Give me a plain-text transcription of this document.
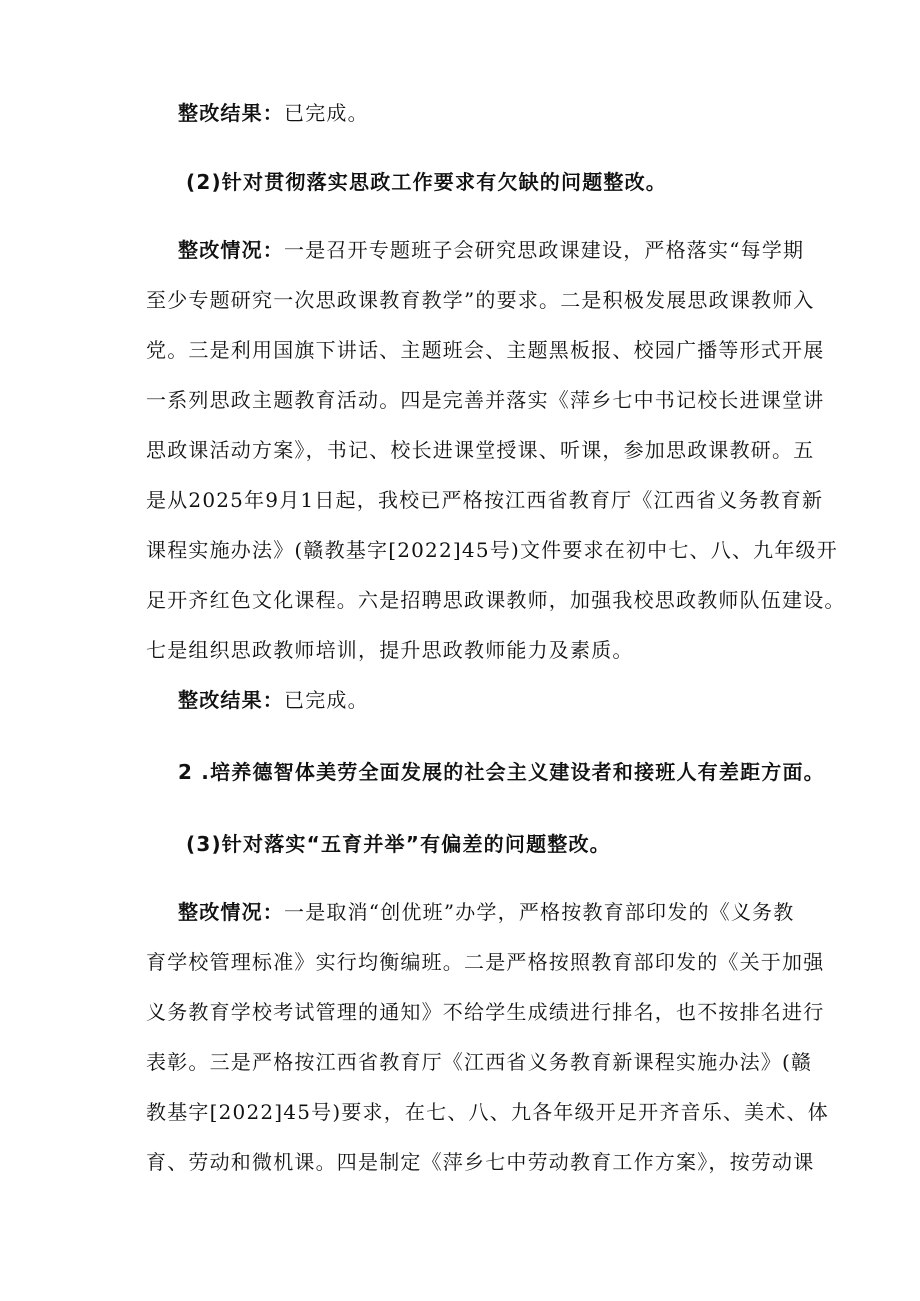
整改结果：已完成。
(2)针对贯彻落实思政工作要求有欠缺的问题整改。
整改情况：一是召开专题班子会研究思政课建设，严格落实“每学期
至少专题研究一次思政课教育教学”的要求。二是积极发展思政课教师入
党。三是利用国旗下讲话、主题班会、主题黑板报、校园广播等形式开展
一系列思政主题教育活动。四是完善并落实《萍乡七中书记校长进课堂讲
思政课活动方案》，书记、校长进课堂授课、听课，参加思政课教研。五
是从2025年9月1日起，我校已严格按江西省教育厅《江西省义务教育新
课程实施办法》(赣教基字[2022]45号)文件要求在初中七、八、九年级开
足开齐红色文化课程。六是招聘思政课教师，加强我校思政教师队伍建设。
七是组织思政教师培训，提升思政教师能力及素质。
整改结果：已完成。
2 .培养德智体美劳全面发展的社会主义建设者和接班人有差距方面。
(3)针对落实“五育并举”有偏差的问题整改。
整改情况：一是取消“创优班”办学，严格按教育部印发的《义务教
育学校管理标准》实行均衡编班。二是严格按照教育部印发的《关于加强
义务教育学校考试管理的通知》不给学生成绩进行排名，也不按排名进行
表彰。三是严格按江西省教育厅《江西省义务教育新课程实施办法》(赣
教基字[2022]45号)要求，在七、八、九各年级开足开齐音乐、美术、体
育、劳动和微机课。四是制定《萍乡七中劳动教育工作方案》，按劳动课
